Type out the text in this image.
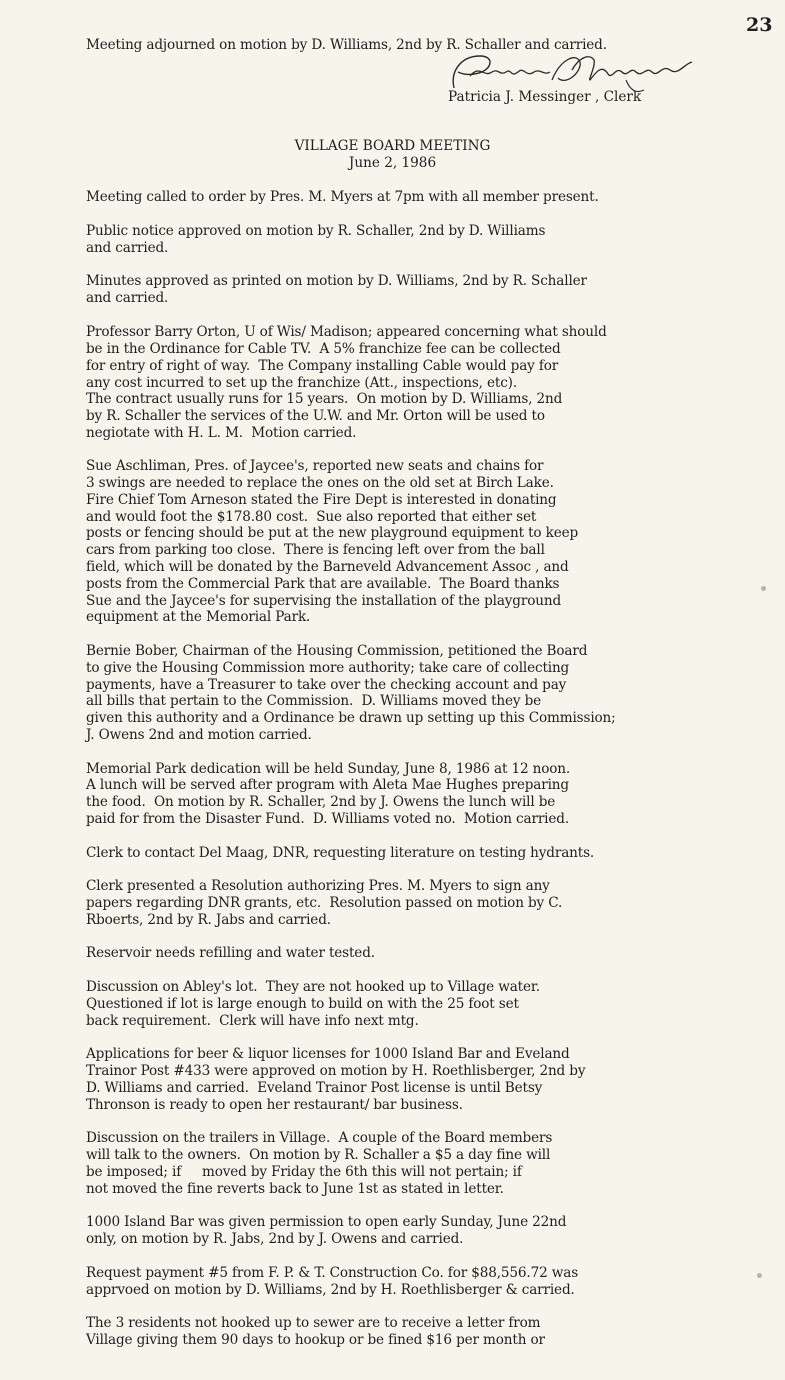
23
Meeting adjourned on motion by D. Williams, 2nd by R. Schaller and carried.
Patricia J. Messinger , Clerk
VILLAGE BOARD MEETING
June 2, 1986
Meeting called to order by Pres. M. Myers at 7pm with all member present.
Public notice approved on motion by R. Schaller, 2nd by D. Williams
and carried.
Minutes approved as printed on motion by D. Williams, 2nd by R. Schaller
and carried.
Professor Barry Orton, U of Wis/ Madison; appeared concerning what should
be in the Ordinance for Cable TV.  A 5% franchize fee can be collected
for entry of right of way.  The Company installing Cable would pay for
any cost incurred to set up the franchize (Att., inspections, etc).
The contract usually runs for 15 years.  On motion by D. Williams, 2nd
by R. Schaller the services of the U.W. and Mr. Orton will be used to
negiotate with H. L. M.  Motion carried.
Sue Aschliman, Pres. of Jaycee's, reported new seats and chains for
3 swings are needed to replace the ones on the old set at Birch Lake.
Fire Chief Tom Arneson stated the Fire Dept is interested in donating
and would foot the $178.80 cost.  Sue also reported that either set
posts or fencing should be put at the new playground equipment to keep
cars from parking too close.  There is fencing left over from the ball
field, which will be donated by the Barneveld Advancement Assoc , and
posts from the Commercial Park that are available.  The Board thanks
Sue and the Jaycee's for supervising the installation of the playground
equipment at the Memorial Park.
Bernie Bober, Chairman of the Housing Commission, petitioned the Board
to give the Housing Commission more authority; take care of collecting
payments, have a Treasurer to take over the checking account and pay
all bills that pertain to the Commission.  D. Williams moved they be
given this authority and a Ordinance be drawn up setting up this Commission;
J. Owens 2nd and motion carried.
Memorial Park dedication will be held Sunday, June 8, 1986 at 12 noon.
A lunch will be served after program with Aleta Mae Hughes preparing
the food.  On motion by R. Schaller, 2nd by J. Owens the lunch will be
paid for from the Disaster Fund.  D. Williams voted no.  Motion carried.
Clerk to contact Del Maag, DNR, requesting literature on testing hydrants.
Clerk presented a Resolution authorizing Pres. M. Myers to sign any
papers regarding DNR grants, etc.  Resolution passed on motion by C.
Rboerts, 2nd by R. Jabs and carried.
Reservoir needs refilling and water tested.
Discussion on Abley's lot.  They are not hooked up to Village water.
Questioned if lot is large enough to build on with the 25 foot set
back requirement.  Clerk will have info next mtg.
Applications for beer & liquor licenses for 1000 Island Bar and Eveland
Trainor Post #433 were approved on motion by H. Roethlisberger, 2nd by
D. Williams and carried.  Eveland Trainor Post license is until Betsy
Thronson is ready to open her restaurant/ bar business.
Discussion on the trailers in Village.  A couple of the Board members
will talk to the owners.  On motion by R. Schaller a $5 a day fine will
be imposed; if     moved by Friday the 6th this will not pertain; if
not moved the fine reverts back to June 1st as stated in letter.
1000 Island Bar was given permission to open early Sunday, June 22nd
only, on motion by R. Jabs, 2nd by J. Owens and carried.
Request payment #5 from F. P. & T. Construction Co. for $88,556.72 was
apprvoed on motion by D. Williams, 2nd by H. Roethlisberger & carried.
The 3 residents not hooked up to sewer are to receive a letter from
Village giving them 90 days to hookup or be fined $16 per month or
